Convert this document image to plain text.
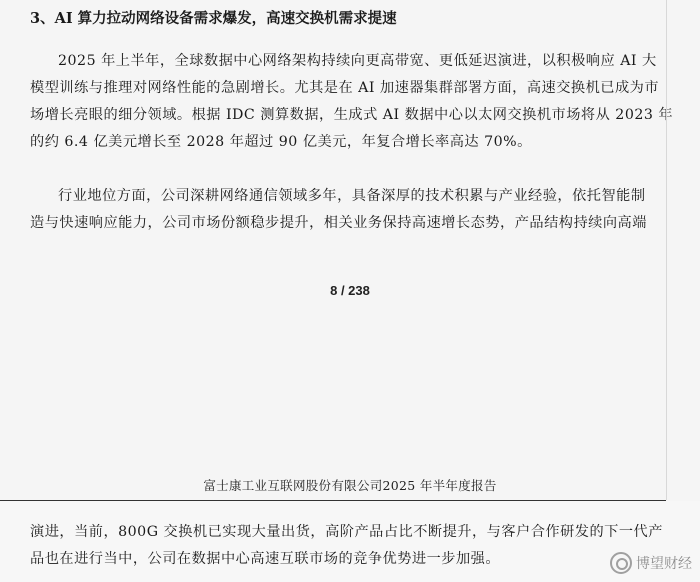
3、AI 算力拉动网络设备需求爆发，高速交换机需求提速
2025 年上半年，全球数据中心网络架构持续向更高带宽、更低延迟演进，以积极响应 AI 大
模型训练与推理对网络性能的急剧增长。尤其是在 AI 加速器集群部署方面，高速交换机已成为市
场增长亮眼的细分领域。根据 IDC 测算数据，生成式 AI 数据中心以太网交换机市场将从 2023 年
的约 6.4 亿美元增长至 2028 年超过 90 亿美元，年复合增长率高达 70%。
行业地位方面，公司深耕网络通信领域多年，具备深厚的技术积累与产业经验，依托智能制
造与快速响应能力，公司市场份额稳步提升，相关业务保持高速增长态势，产品结构持续向高端
8 / 238
富士康工业互联网股份有限公司2025 年半年度报告
演进，当前，800G 交换机已实现大量出货，高阶产品占比不断提升，与客户合作研发的下一代产
品也在进行当中，公司在数据中心高速互联市场的竞争优势进一步加强。	博望财经
